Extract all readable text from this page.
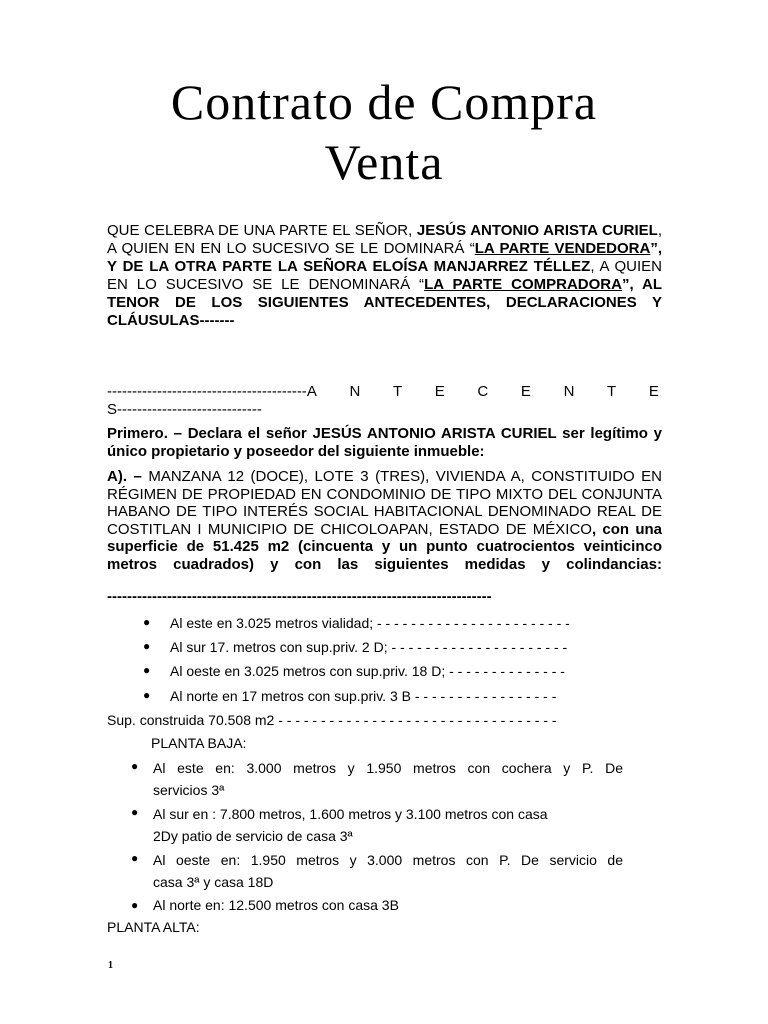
Contrato de Compra
Venta
QUE CELEBRA DE UNA PARTE EL SEÑOR, JESÚS ANTONIO ARISTA CURIEL, A QUIEN EN EN LO SUCESIVO SE LE DOMINARÁ “LA PARTE VENDEDORA”, Y DE LA OTRA PARTE LA SEÑORA ELOÍSA MANJARREZ TÉLLEZ, A QUIEN EN LO SUCESIVO SE LE DENOMINARÁ “LA PARTE COMPRADORA”, AL TENOR DE LOS SIGUIENTES ANTECEDENTES, DECLARACIONES Y CLÁUSULAS-------
----------------------------------------A N T E C E N T E 
S-----------------------------
Primero. – Declara el señor JESÚS ANTONIO ARISTA CURIEL ser legítimo y único propietario y poseedor del siguiente inmueble:
A). – MANZANA 12 (DOCE), LOTE 3 (TRES), VIVIENDA A, CONSTITUIDO EN RÉGIMEN DE PROPIEDAD EN CONDOMINIO DE TIPO MIXTO DEL CONJUNTA HABANO DE TIPO INTERÉS SOCIAL HABITACIONAL DENOMINADO REAL DE COSTITLAN I MUNICIPIO DE CHICOLOAPAN, ESTADO DE MÉXICO, con una superficie de 51.425 m2 (cincuenta y un punto cuatrocientos veinticinco metros cuadrados) y con las siguientes medidas y colindancias:
-----------------------------------------------------------------------------
● Al este en 3.025 metros vialidad; - - - - - - - - - - - - - - - - - - - - - - -
● Al sur 17. metros con sup.priv. 2 D; - - - - - - - - - - - - - - - - - - - - -
● Al oeste en 3.025 metros con sup.priv. 18 D; - - - - - - - - - - - - - -
● Al norte en 17 metros con sup.priv. 3 B - - - - - - - - - - - - - - - - -
Sup. construida 70.508 m2 - - - - - - - - - - - - - - - - - - - - - - - - - - - - - - - - -
PLANTA BAJA:
● Al este en: 3.000 metros y 1.950 metros con cochera y P. De
servicios 3ª
● Al sur en : 7.800 metros, 1.600 metros y 3.100 metros con casa
2Dy patio de servicio de casa 3ª
● Al oeste en: 1.950 metros y 3.000 metros con P. De servicio de
casa 3ª y casa 18D
● Al norte en: 12.500 metros con casa 3B
PLANTA ALTA:
1
